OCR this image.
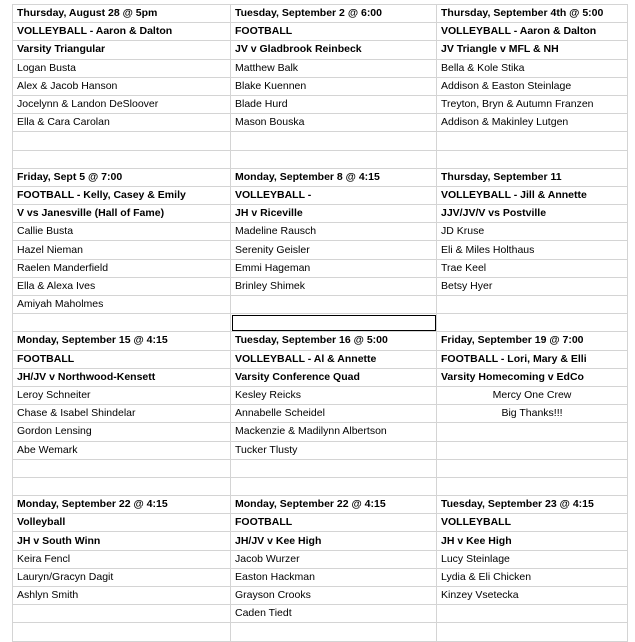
Thursday, August 28 @ 5pm	Tuesday, September 2 @ 6:00	Thursday, September 4th @ 5:00
VOLLEYBALL - Aaron & Dalton	FOOTBALL	VOLLEYBALL - Aaron & Dalton
Varsity Triangular	JV v Gladbrook Reinbeck	JV Triangle v MFL & NH
Logan Busta	Matthew Balk	Bella & Kole Stika
Alex & Jacob Hanson	Blake Kuennen	Addison & Easton Steinlage
Jocelynn & Landon DeSloover	Blade Hurd	Treyton, Bryn & Autumn Franzen
Ella & Cara Carolan	Mason Bouska	Addison & Makinley Lutgen

Friday, Sept 5 @ 7:00	Monday, September 8 @ 4:15	Thursday, September 11
FOOTBALL - Kelly, Casey & Emily	VOLLEYBALL -	VOLLEYBALL - Jill & Annette
V vs Janesville (Hall of Fame)	JH v Riceville	JJV/JV/V vs Postville
Callie Busta	Madeline Rausch	JD Kruse
Hazel Nieman	Serenity Geisler	Eli & Miles Holthaus
Raelen Manderfield	Emmi Hageman	Trae Keel
Ella & Alexa Ives	Brinley Shimek	Betsy Hyer
Amiyah Maholmes		

Monday, September 15 @ 4:15	Tuesday, September 16 @ 5:00	Friday, September 19 @ 7:00
FOOTBALL	VOLLEYBALL - Al & Annette	FOOTBALL - Lori, Mary & Elli
JH/JV v Northwood-Kensett	Varsity Conference Quad	Varsity Homecoming v EdCo
Leroy Schneiter	Kesley Reicks	Mercy One Crew
Chase & Isabel Shindelar	Annabelle Scheidel	Big Thanks!!!
Gordon Lensing	Mackenzie & Madilynn Albertson	
Abe Wemark	Tucker Tlusty	

Monday, September 22 @ 4:15	Monday, September 22 @ 4:15	Tuesday, September 23 @ 4:15
Volleyball	FOOTBALL	VOLLEYBALL
JH v South Winn	JH/JV v Kee High	JH v Kee High
Keira Fencl	Jacob Wurzer	Lucy Steinlage
Lauryn/Gracyn Dagit	Easton Hackman	Lydia & Eli Chicken
Ashlyn Smith	Grayson Crooks	Kinzey Vsetecka
	Caden Tiedt	
